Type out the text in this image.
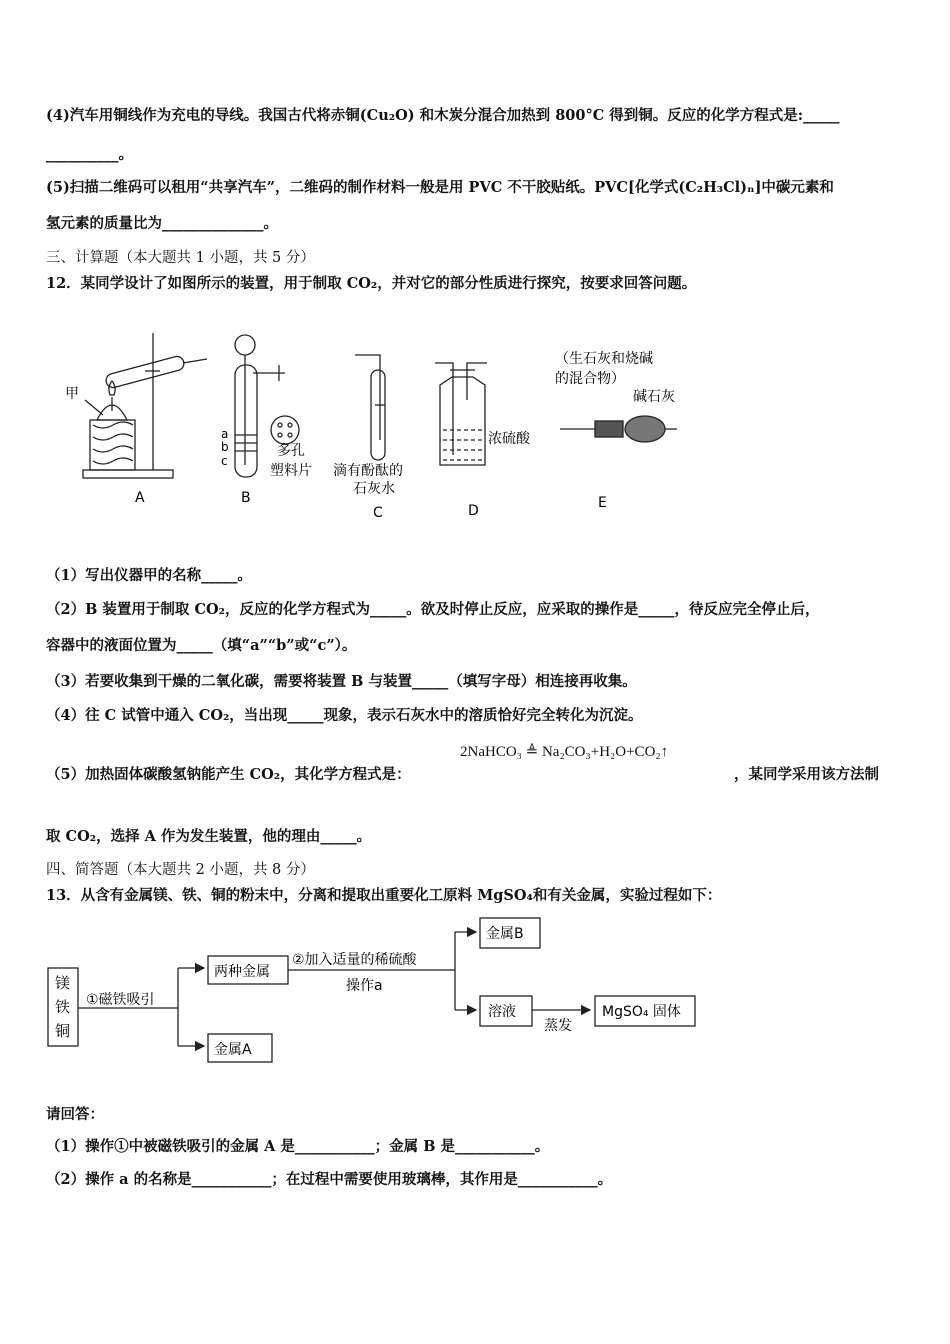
(4)汽车用铜线作为充电的导线。我国古代将赤铜(Cu₂O) 和木炭分混合加热到 800°C 得到铜。反应的化学方程式是:_____
__________。
(5)扫描二维码可以租用“共享汽车”，二维码的制作材料一般是用 PVC 不干胶贴纸。PVC[化学式(C₂H₃Cl)ₙ]中碳元素和
氢元素的质量比为______________。
三、计算题（本大题共 1 小题，共 5 分）
12．某同学设计了如图所示的装置，用于制取 CO₂，并对它的部分性质进行探究，按要求回答问题。
甲
A
a
b
c
多孔
塑料片
B
滴有酚酞的
石灰水
C
浓硫酸
D
（生石灰和烧碱
的混合物）
碱石灰
E
（1）写出仪器甲的名称_____。
（2）B 装置用于制取 CO₂，反应的化学方程式为_____。欲及时停止反应，应采取的操作是_____，待反应完全停止后，
容器中的液面位置为_____（填“a”“b”或“c”）。
（3）若要收集到干燥的二氧化碳，需要将装置 B 与装置_____（填写字母）相连接再收集。
（4）往 C 试管中通入 CO₂，当出现_____现象，表示石灰水中的溶质恰好完全转化为沉淀。
（5）加热固体碳酸氢钠能产生 CO₂，其化学方程式是：
2NaHCO₃ ≜ Na₂CO₃+H₂O+CO₂↑
，某同学采用该方法制
取 CO₂，选择 A 作为发生装置，他的理由_____。
四、简答题（本大题共 2 小题，共 8 分）
13．从含有金属镁、铁、铜的粉末中，分离和提取出重要化工原料 MgSO₄和有关金属，实验过程如下：
镁
铁
铜
①磁铁吸引
两种金属
金属A
②加入适量的稀硫酸
操作a
金属B
溶液
蒸发
MgSO₄ 固体
请回答：
（1）操作①中被磁铁吸引的金属 A 是___________；金属 B 是___________。
（2）操作 a 的名称是___________；在过程中需要使用玻璃棒，其作用是___________。
